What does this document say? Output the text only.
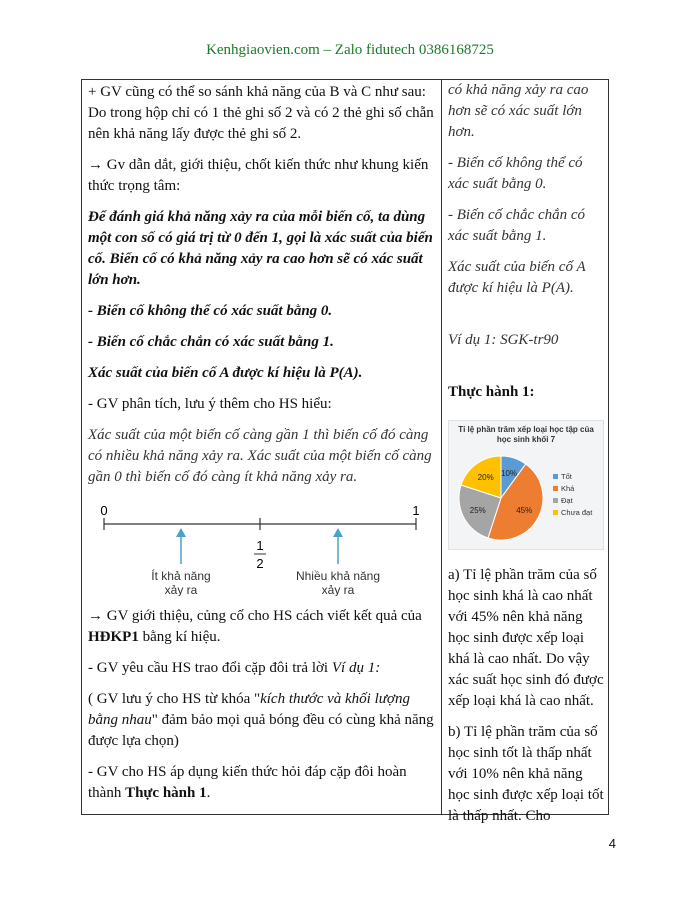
Kenhgiaovien.com – Zalo fidutech 0386168725

+ GV cũng có thể so sánh khả năng của B và C như sau: Do trong hộp chỉ có 1 thẻ ghi số 2 và có 2 thẻ ghi số chẵn nên khả năng lấy được thẻ ghi số 2.

→ Gv dẫn dắt, giới thiệu, chốt kiến thức như khung kiến thức trọng tâm:

Để đánh giá khả năng xảy ra của mỗi biến cố, ta dùng một con số có giá trị từ 0 đến 1, gọi là xác suất của biến cố. Biến cố có khả năng xảy ra cao hơn sẽ có xác suất lớn hơn.

- Biến cố không thể có xác suất bằng 0.

- Biến cố chắc chắn có xác suất bằng 1.

Xác suất của biến cố A được kí hiệu là P(A).

- GV phân tích, lưu ý thêm cho HS hiểu:

Xác suất của một biến cố càng gần 1 thì biến cố đó càng có nhiều khả năng xảy ra. Xác suất của một biến cố càng gần 0 thì biến cố đó càng ít khả năng xảy ra.

→ GV giới thiệu, củng cố cho HS cách viết kết quả của HĐKP1 bằng kí hiệu.

- GV yêu cầu HS trao đổi cặp đôi trả lời Ví dụ 1:

( GV lưu ý cho HS từ khóa "kích thước và khối lượng bằng nhau" đảm bảo mọi quả bóng đều có cùng khả năng được lựa chọn)

- GV cho HS áp dụng kiến thức hỏi đáp cặp đôi hoàn thành Thực hành 1.

0	1
1
2
Ít khả năng
xảy ra
Nhiều khả năng
xảy ra

có khả năng xảy ra cao hơn sẽ có xác suất lớn hơn.

- Biến cố không thể có xác suất bằng 0.

- Biến cố chắc chắn có xác suất bằng 1.

Xác suất của biến cố A được kí hiệu là P(A).

Ví dụ 1: SGK-tr90

Thực hành 1:

a) Tỉ lệ phần trăm của số học sinh khá là cao nhất với 45% nên khả năng học sinh được xếp loại khá là cao nhất. Do vậy xác suất học sinh đó được xếp loại khá là cao nhất.

b) Tỉ lệ phần trăm của số học sinh tốt là thấp nhất với 10% nên khả năng học sinh được xếp loại tốt là thấp nhất. Cho

Tỉ lệ phần trăm xếp loại học tập của
học sinh khối 7
10%
45%
25%
20%	Tốt
Khá
Đạt
Chưa đạt
4
